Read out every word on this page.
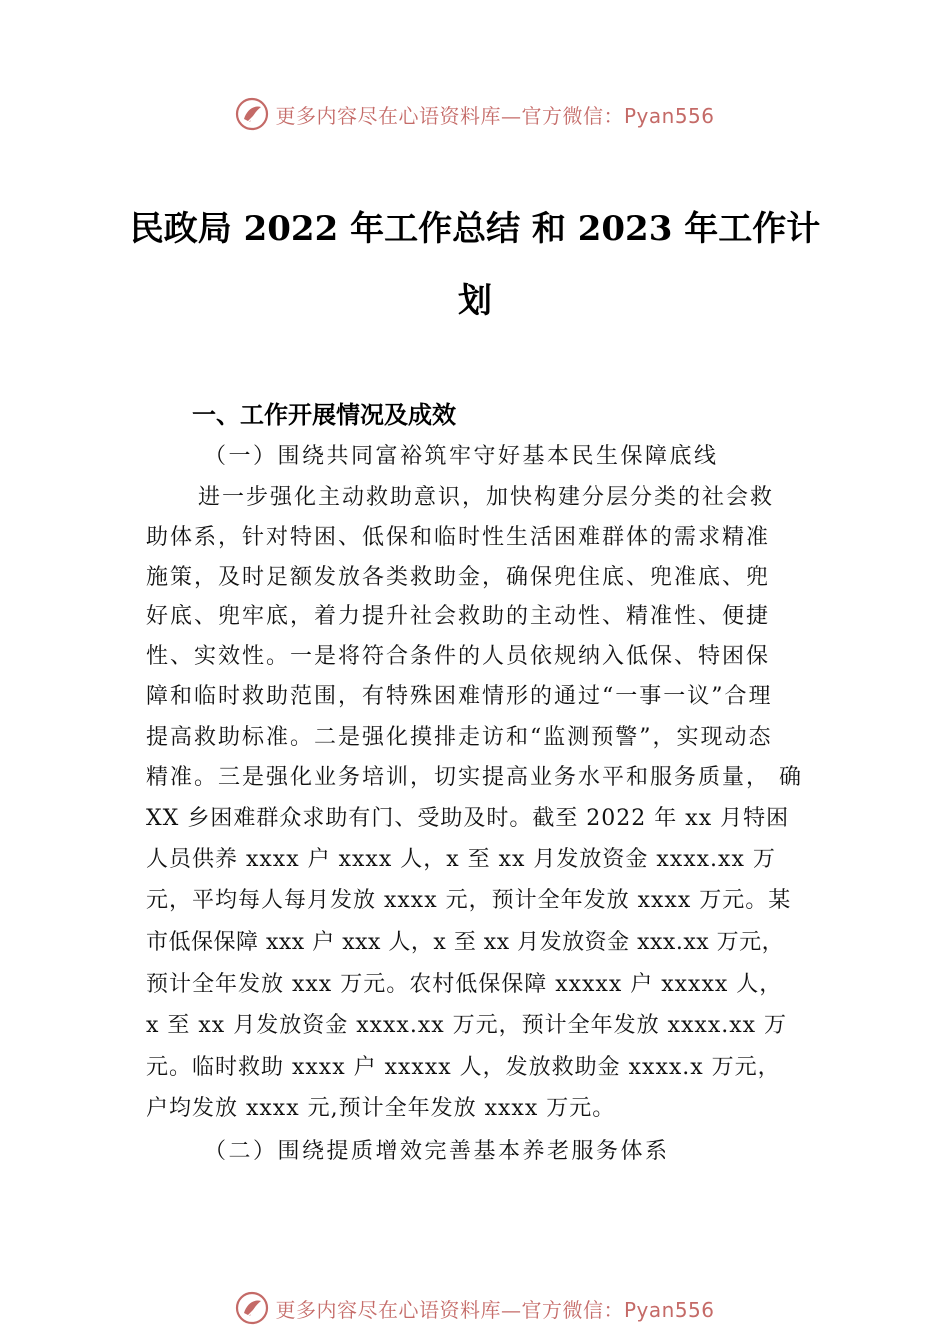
更多内容尽在心语资料库—官方微信：Pyan556
民政局 2022 年工作总结 和 2023 年工作计
划
一、工作开展情况及成效
（一）围绕共同富裕筑牢守好基本民生保障底线
进一步强化主动救助意识，加快构建分层分类的社会救
助体系，针对特困、低保和临时性生活困难群体的需求精准
施策，及时足额发放各类救助金，确保兜住底、兜准底、兜
好底、兜牢底，着力提升社会救助的主动性、精准性、便捷
性、实效性。一是将符合条件的人员依规纳入低保、特困保
障和临时救助范围，有特殊困难情形的通过“一事一议”合理
提高救助标准。二是强化摸排走访和“监测预警”，实现动态
精准。三是强化业务培训，切实提高业务水平和服务质量， 确
XX 乡困难群众求助有门、受助及时。截至 2022 年 xx 月特困
人员供养 xxxx 户 xxxx 人，x 至 xx 月发放资金 xxxx.xx 万
元，平均每人每月发放 xxxx 元，预计全年发放 xxxx 万元。某
市低保保障 xxx 户 xxx 人，x 至 xx 月发放资金 xxx.xx 万元，
预计全年发放 xxx 万元。农村低保保障 xxxxx 户 xxxxx 人，
x 至 xx 月发放资金 xxxx.xx 万元，预计全年发放 xxxx.xx 万
元。临时救助 xxxx 户 xxxxx 人，发放救助金 xxxx.x 万元，
户均发放 xxxx 元,预计全年发放 xxxx 万元。
（二）围绕提质增效完善基本养老服务体系
更多内容尽在心语资料库—官方微信：Pyan556
